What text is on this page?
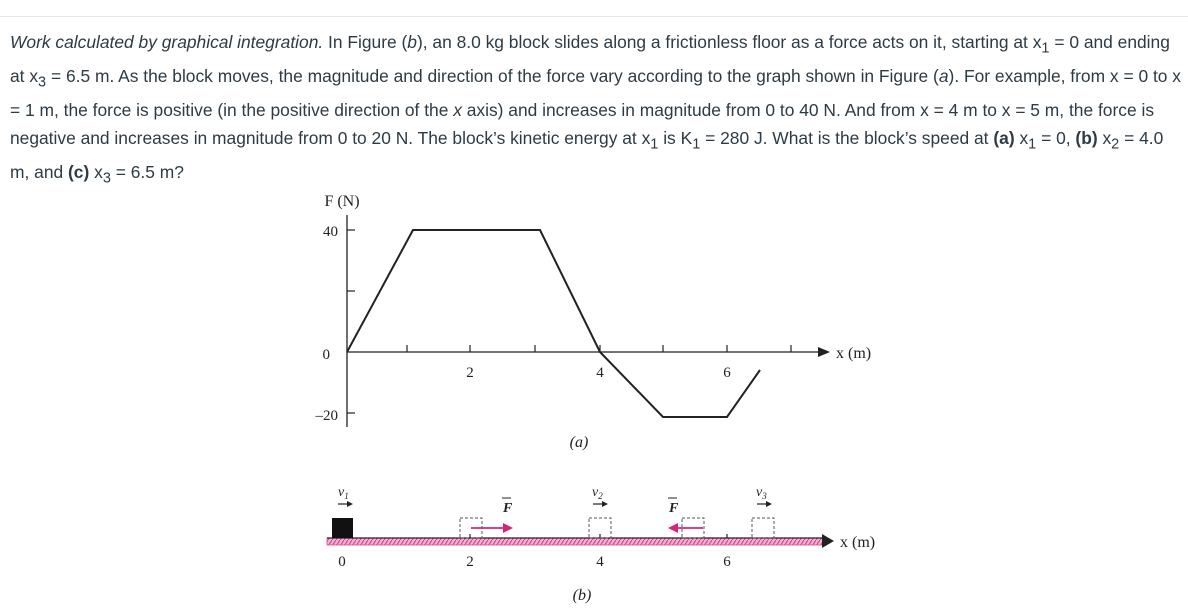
Work calculated by graphical integration. In Figure (b), an 8.0 kg block slides along a frictionless floor as a force acts on it, starting at $x_1 = 0$ and ending at $x_3 = 6.5$ m. As the block moves, the magnitude and direction of the force vary according to the graph shown in Figure (a). For example, from x = 0 to x = 1 m, the force is positive (in the positive direction of the x axis) and increases in magnitude from 0 to 40 N. And from x = 4 m to x = 5 m, the force is negative and increases in magnitude from 0 to 20 N. The block’s kinetic energy at $x_1$ is $K_1 = 280$ J. What is the block’s speed at (a) $x_1 = 0$, (b) $x_2 = 4.0$ m, and (c) $x_3 = 6.5$ m?
F (N)
40
0
–20
2	4	6
x (m)
(a)
x (m)
0	2	4	6
$v_1$
F
$v_2$
F
$v_3$
(b)
